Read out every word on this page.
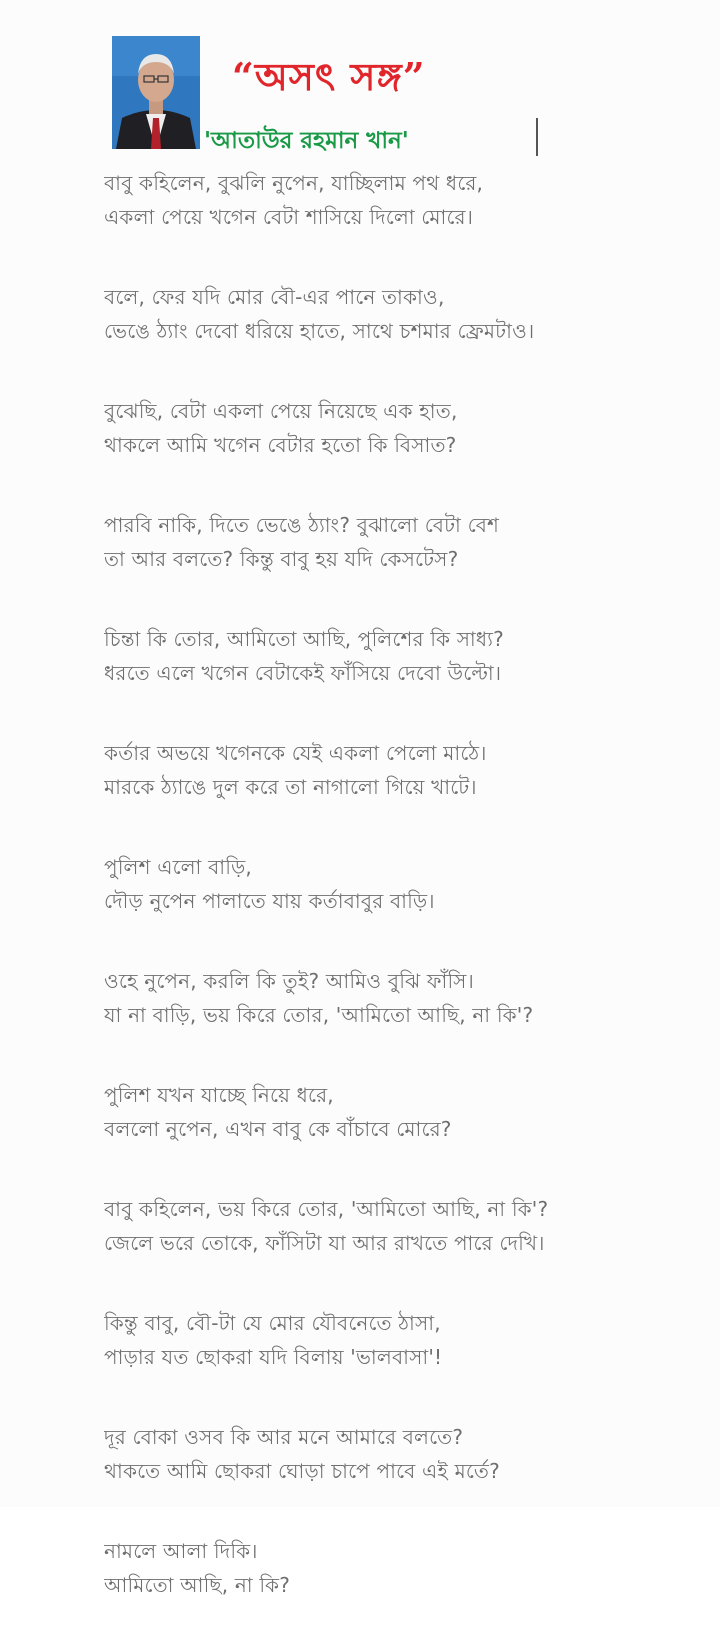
“অসৎ সঙ্গ”
'আতাউর রহমান খান'
বাবু কহিলেন, বুঝলি নুপেন, যাচ্ছিলাম পথ ধরে,
একলা পেয়ে খগেন বেটা শাসিয়ে দিলো মোরে।
বলে, ফের যদি মোর বৌ-এর পানে তাকাও,
ভেঙে ঠ্যাং দেবো ধরিয়ে হাতে, সাথে চশমার ফ্রেমটাও।
বুঝেছি, বেটা একলা পেয়ে নিয়েছে এক হাত,
থাকলে আমি খগেন বেটার হতো কি বিসাত?
পারবি নাকি, দিতে ভেঙে ঠ্যাং? বুঝালো বেটা বেশ
তা আর বলতে? কিন্তু বাবু হয় যদি কেসটেস?
চিন্তা কি তোর, আমিতো আছি, পুলিশের কি সাধ্য?
ধরতে এলে খগেন বেটাকেই ফাঁসিয়ে দেবো উল্টো।
কর্তার অভয়ে খগেনকে যেই একলা পেলো মাঠে।
মারকে ঠ্যাঙে দুল করে তা নাগালো গিয়ে খাটে।
পুলিশ এলো বাড়ি,
দৌড় নুপেন পালাতে যায় কর্তাবাবুর বাড়ি।
ওহে নুপেন, করলি কি তুই? আমিও বুঝি ফাঁসি।
যা না বাড়ি, ভয় কিরে তোর, 'আমিতো আছি, না কি'?
পুলিশ যখন যাচ্ছে নিয়ে ধরে,
বললো নুপেন, এখন বাবু কে বাঁচাবে মোরে?
বাবু কহিলেন, ভয় কিরে তোর, 'আমিতো আছি, না কি'?
জেলে ভরে তোকে, ফাঁসিটা যা আর রাখতে পারে দেখি।
কিন্তু বাবু, বৌ-টা যে মোর যৌবনেতে ঠাসা,
পাড়ার যত ছোকরা যদি বিলায় 'ভালবাসা'!
দূর বোকা ওসব কি আর মনে আমারে বলতে?
থাকতে আমি ছোকরা ঘোড়া চাপে পাবে এই মর্তে?
নামলে আলা দিকি।
আমিতো আছি, না কি?
